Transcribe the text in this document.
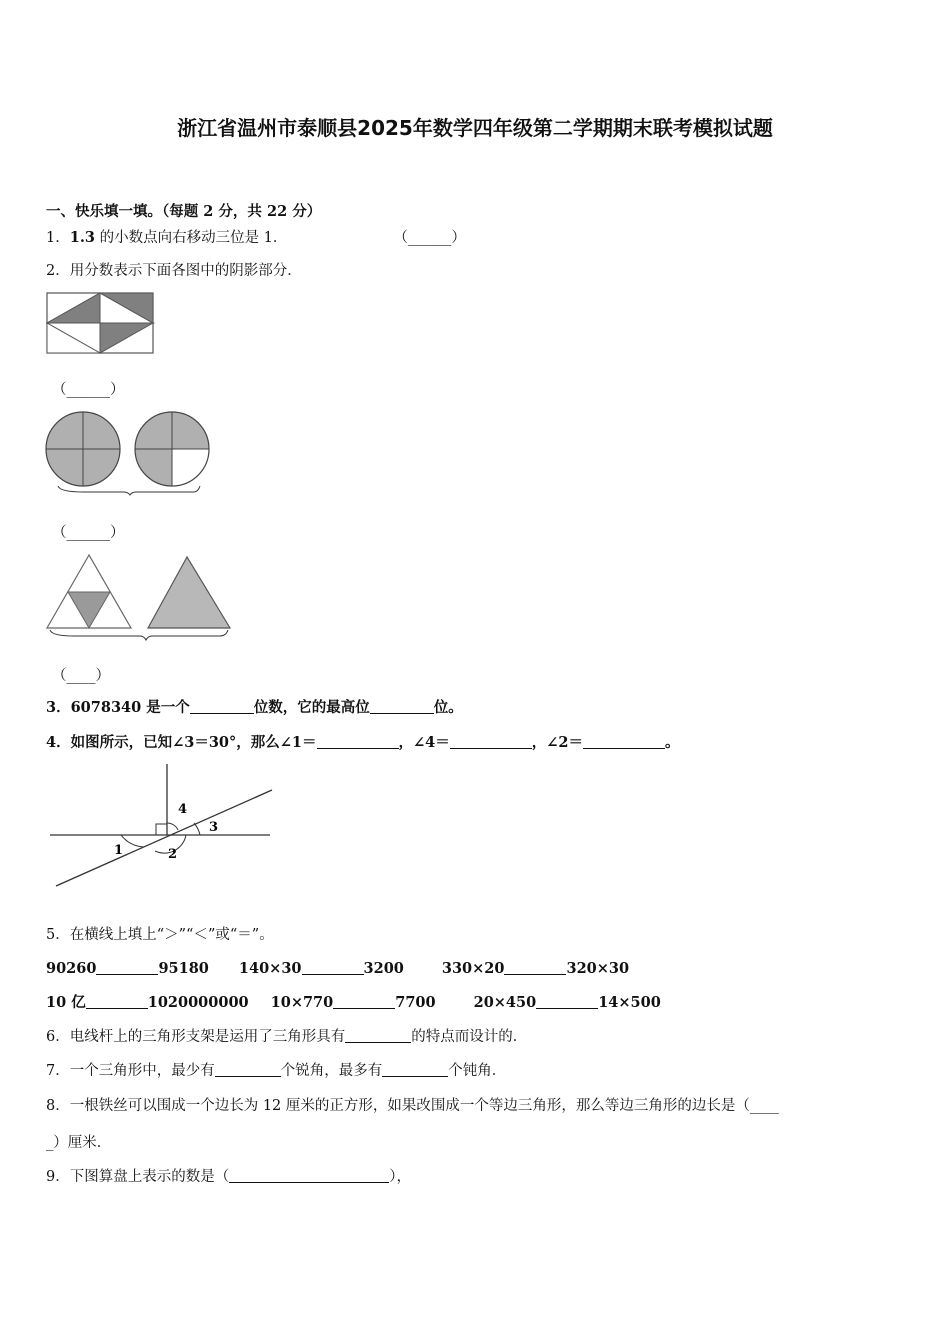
浙江省温州市泰顺县2025年数学四年级第二学期期末联考模拟试题
一、快乐填一填。（每题 2 分，共 22 分）
1．1.3 的小数点向右移动三位是 1．	（______）
2．用分数表示下面各图中的阴影部分．
（______）
（______）
（____）
3．6078340 是一个	位数，它的最高位	位。
4．如图所示，已知∠3＝30°，那么∠1＝	，∠4＝	，∠2＝	。
1	2
3
4
5．在横线上填上“＞”“＜”或“＝”。
90260	95180 140×30	3200	330×20	320×30
10 亿	1020000000 10×770	7700	20×450	14×500
6．电线杆上的三角形支架是运用了三角形具有	的特点而设计的．
7．一个三角形中，最少有	个锐角，最多有	个钝角．
8．一根铁丝可以围成一个边长为 12 厘米的正方形，如果改围成一个等边三角形，那么等边三角形的边长是（____
_）厘米．
9．下图算盘上表示的数是（	），
